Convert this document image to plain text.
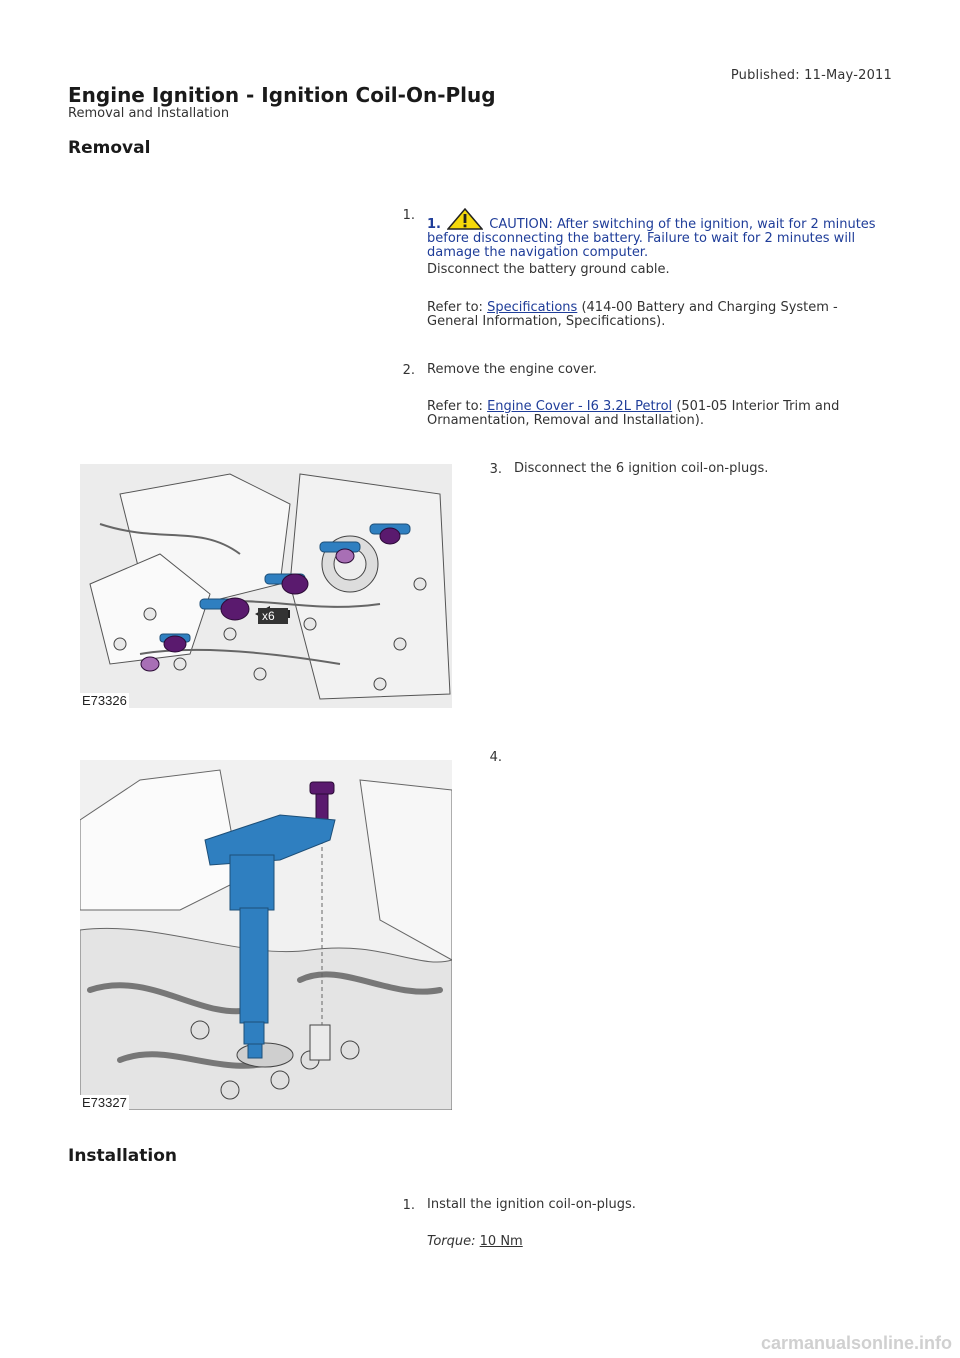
Published: 11-May-2011
Engine Ignition - Ignition Coil-On-Plug
Removal and Installation
Removal
1.
1.	CAUTION: After switching of the ignition, wait for 2 minutes before disconnecting the battery. Failure to wait for 2 minutes will damage the navigation computer.
Disconnect the battery ground cable.
Refer to: Specifications (414-00 Battery and Charging System - General Information, Specifications).
2. Remove the engine cover.
Refer to: Engine Cover - I6 3.2L Petrol (501-05 Interior Trim and Ornamentation, Removal and Installation).
x6
E73326
3. Disconnect the 6 ignition coil-on-plugs.
E73327
4.
Installation
1. Install the ignition coil-on-plugs.
Torque: 10 Nm
carmanualsonline.info
